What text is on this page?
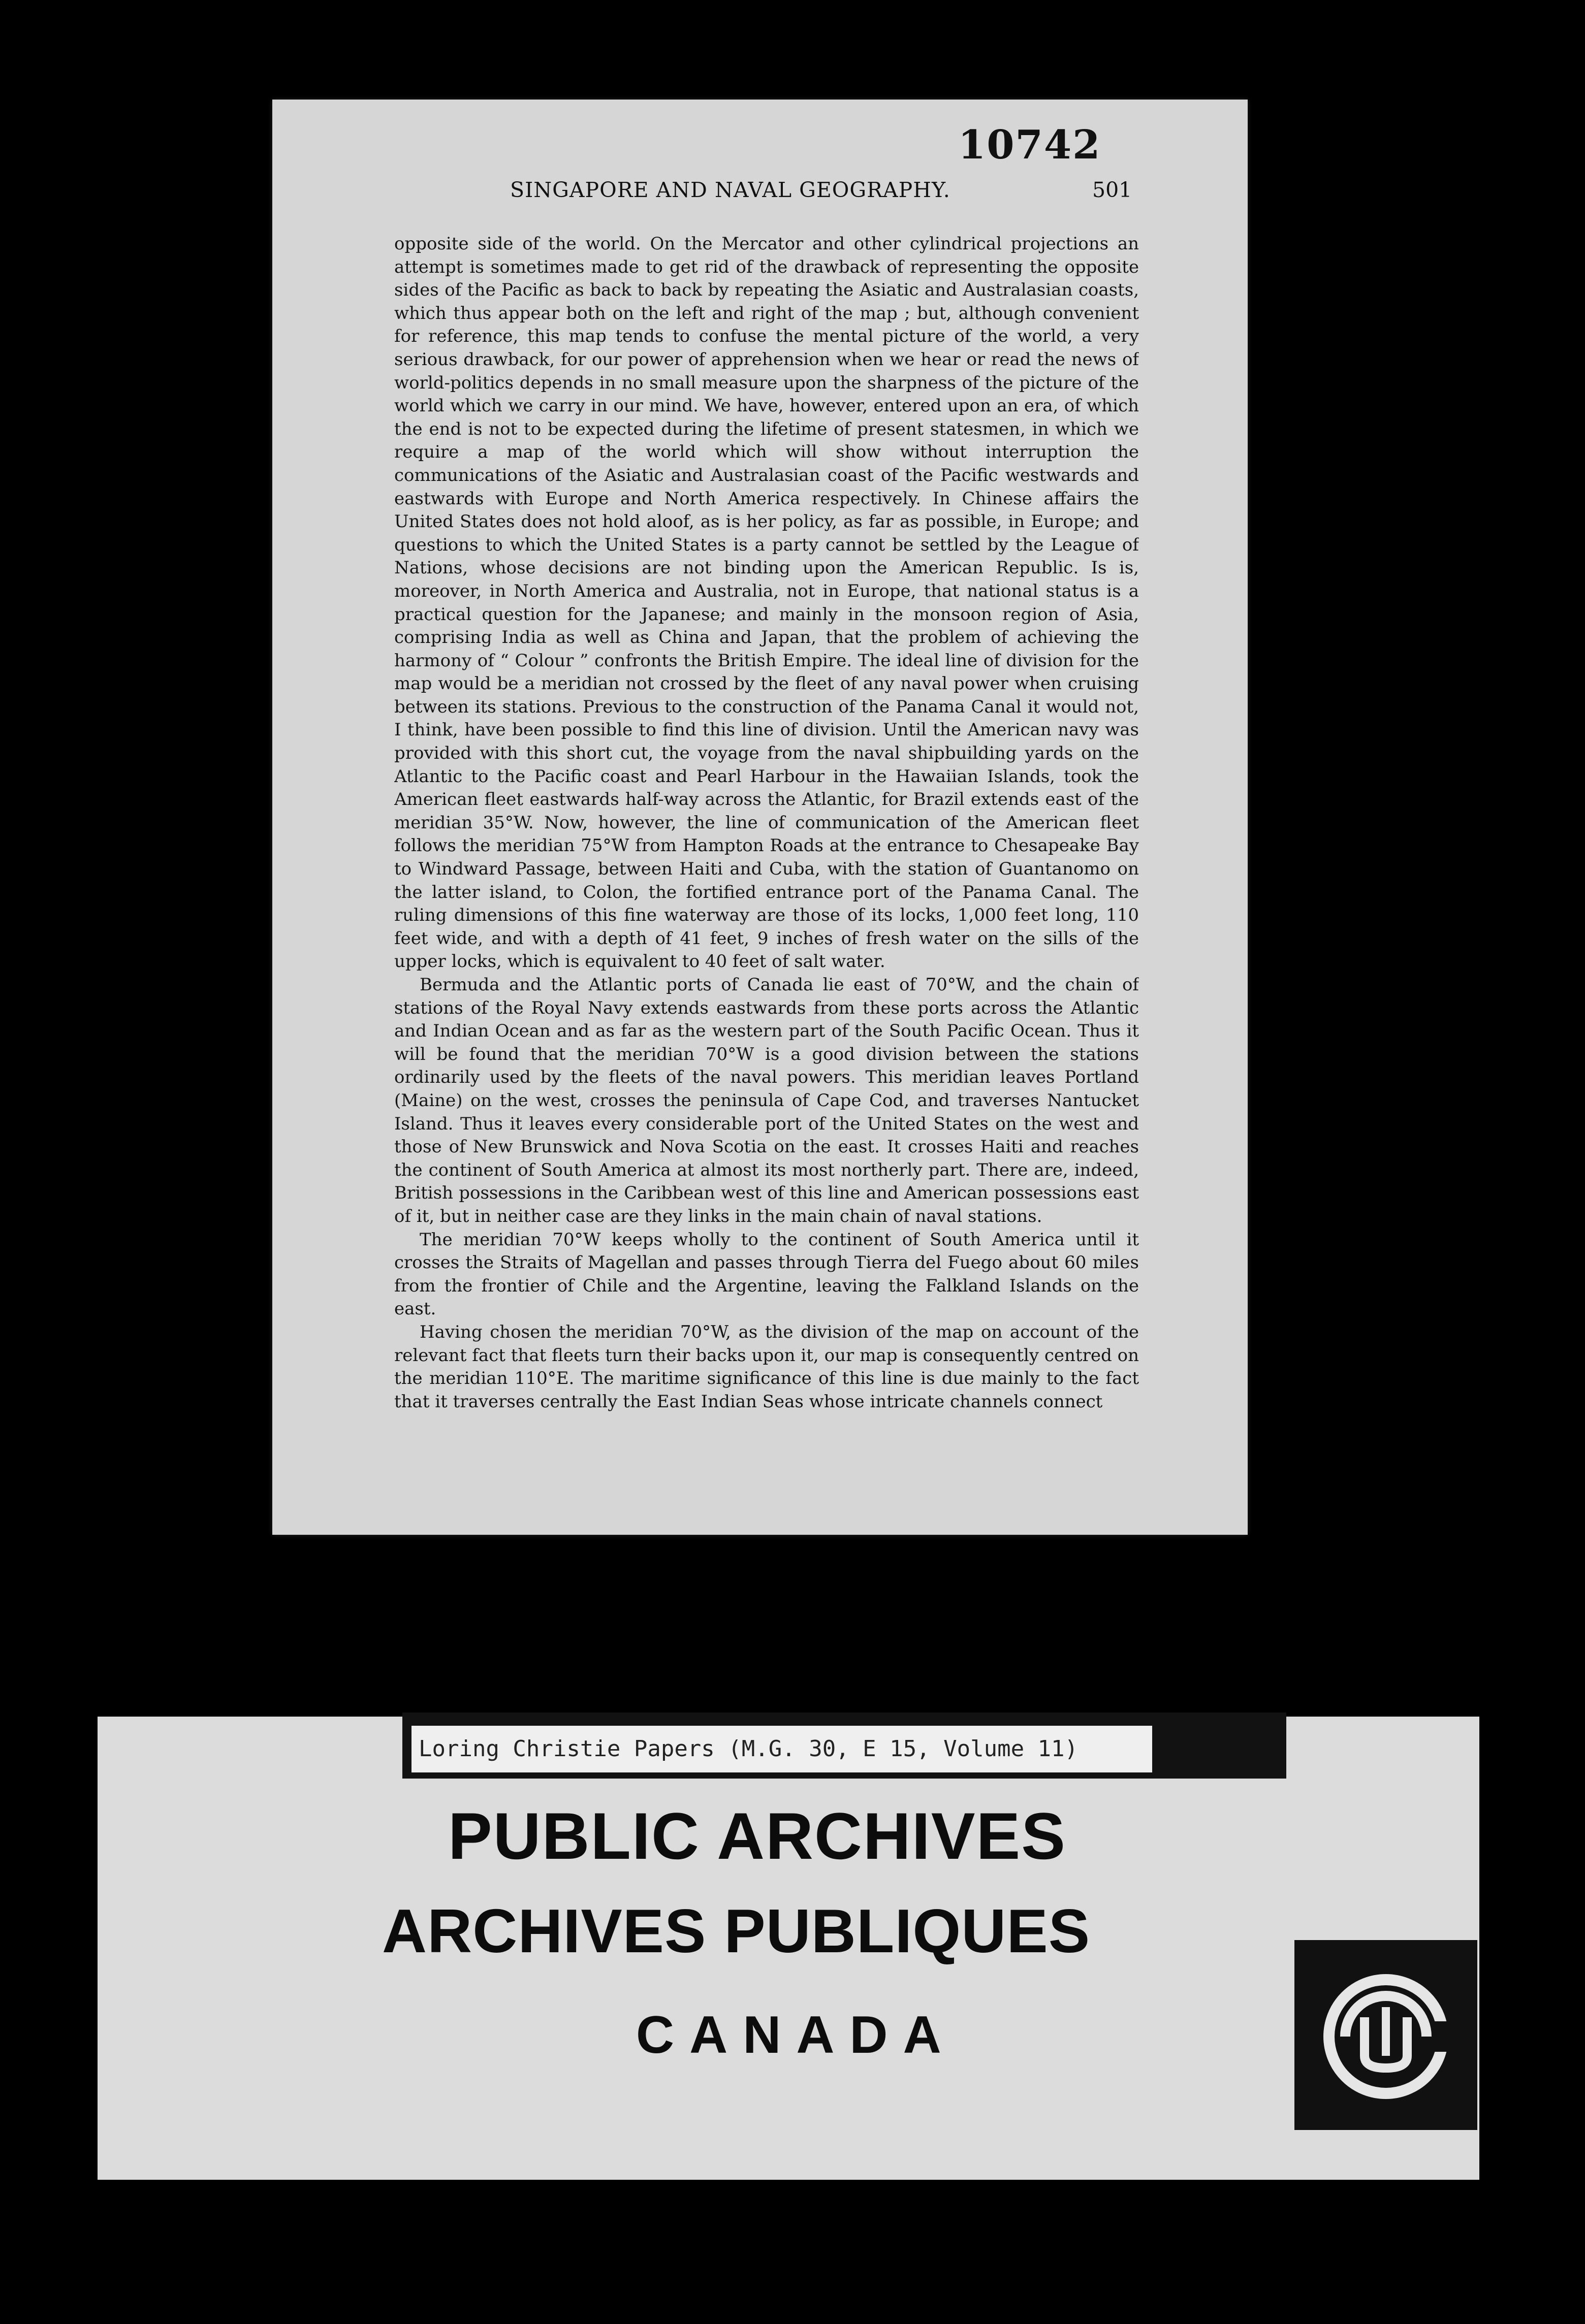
10742
SINGAPORE AND NAVAL GEOGRAPHY.	501

opposite side of the world. On the Mercator and other cylindrical projections an attempt is sometimes made to get rid of the drawback of representing the opposite sides of the Pacific as back to back by repeating the Asiatic and Australasian coasts, which thus appear both on the left and right of the map ; but, although convenient for reference, this map tends to confuse the mental picture of the world, a very serious drawback, for our power of apprehension when we hear or read the news of world-politics depends in no small measure upon the sharpness of the picture of the world which we carry in our mind. We have, however, entered upon an era, of which the end is not to be expected during the lifetime of present statesmen, in which we require a map of the world which will show without interruption the communications of the Asiatic and Australasian coast of the Pacific westwards and eastwards with Europe and North America respectively. In Chinese affairs the United States does not hold aloof, as is her policy, as far as possible, in Europe; and questions to which the United States is a party cannot be settled by the League of Nations, whose decisions are not binding upon the American Republic. Is is, moreover, in North America and Australia, not in Europe, that national status is a practical question for the Japanese; and mainly in the monsoon region of Asia, comprising India as well as China and Japan, that the problem of achieving the harmony of “ Colour ” confronts the British Empire. The ideal line of division for the map would be a meridian not crossed by the fleet of any naval power when cruising between its stations. Previous to the construction of the Panama Canal it would not, I think, have been possible to find this line of division. Until the American navy was provided with this short cut, the voyage from the naval shipbuilding yards on the Atlantic to the Pacific coast and Pearl Harbour in the Hawaiian Islands, took the American fleet eastwards half-way across the Atlantic, for Brazil extends east of the meridian 35°W. Now, however, the line of communication of the American fleet follows the meridian 75°W from Hampton Roads at the entrance to Chesapeake Bay to Windward Passage, between Haiti and Cuba, with the station of Guantanomo on the latter island, to Colon, the fortified entrance port of the Panama Canal. The ruling dimensions of this fine waterway are those of its locks, 1,000 feet long, 110 feet wide, and with a depth of 41 feet, 9 inches of fresh water on the sills of the upper locks, which is equivalent to 40 feet of salt water.

Bermuda and the Atlantic ports of Canada lie east of 70°W, and the chain of stations of the Royal Navy extends eastwards from these ports across the Atlantic and Indian Ocean and as far as the western part of the South Pacific Ocean. Thus it will be found that the meridian 70°W is a good division between the stations ordinarily used by the fleets of the naval powers. This meridian leaves Portland (Maine) on the west, crosses the peninsula of Cape Cod, and traverses Nantucket Island. Thus it leaves every considerable port of the United States on the west and those of New Brunswick and Nova Scotia on the east. It crosses Haiti and reaches the continent of South America at almost its most northerly part. There are, indeed, British possessions in the Caribbean west of this line and American possessions east of it, but in neither case are they links in the main chain of naval stations.

The meridian 70°W keeps wholly to the continent of South America until it crosses the Straits of Magellan and passes through Tierra del Fuego about 60 miles from the frontier of Chile and the Argentine, leaving the Falkland Islands on the east.

Having chosen the meridian 70°W, as the division of the map on account of the relevant fact that fleets turn their backs upon it, our map is consequently centred on the meridian 110°E. The maritime significance of this line is due mainly to the fact that it traverses centrally the East Indian Seas whose intricate channels connect

Loring Christie Papers (M.G. 30, E 15, Volume 11)
PUBLIC ARCHIVES
ARCHIVES PUBLIQUES
CANADA
